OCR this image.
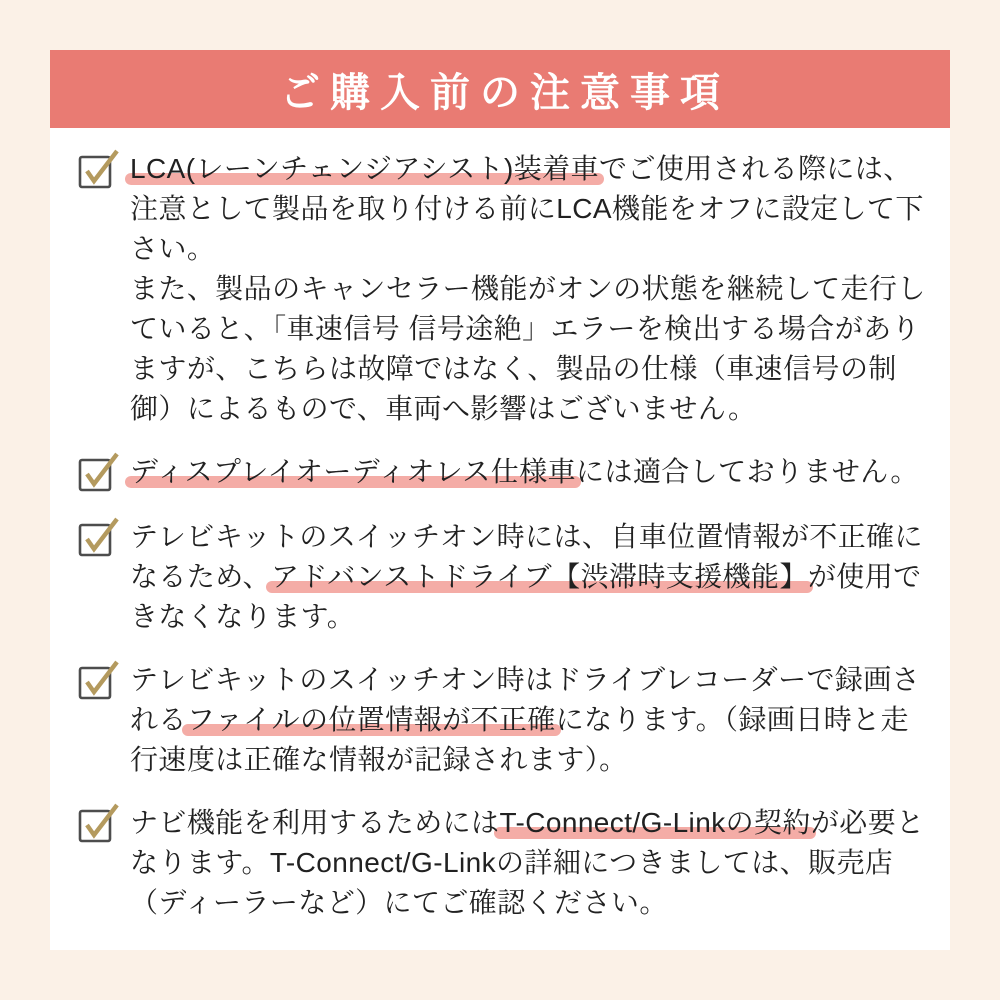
ご購入前の注意事項
LCA(レーンチェンジアシスト)装着車でご使用される際には、注意として製品を取り付ける前にLCA機能をオフに設定して下さい。
また、製品のキャンセラー機能がオンの状態を継続して走行していると、「車速信号 信号途絶」エラーを検出する場合がありますが、こちらは故障ではなく、製品の仕様（車速信号の制御）によるもので、車両へ影響はございません。
ディスプレイオーディオレス仕様車には適合しておりません。
テレビキットのスイッチオン時には、自車位置情報が不正確になるため、アドバンストドライブ【渋滞時支援機能】が使用できなくなります。
テレビキットのスイッチオン時はドライブレコーダーで録画されるファイルの位置情報が不正確になります。（録画日時と走行速度は正確な情報が記録されます）。
ナビ機能を利用するためにはT-Connect/G-Linkの契約が必要となります。T-Connect/G-Linkの詳細につきましては、販売店（ディーラーなど）にてご確認ください。
